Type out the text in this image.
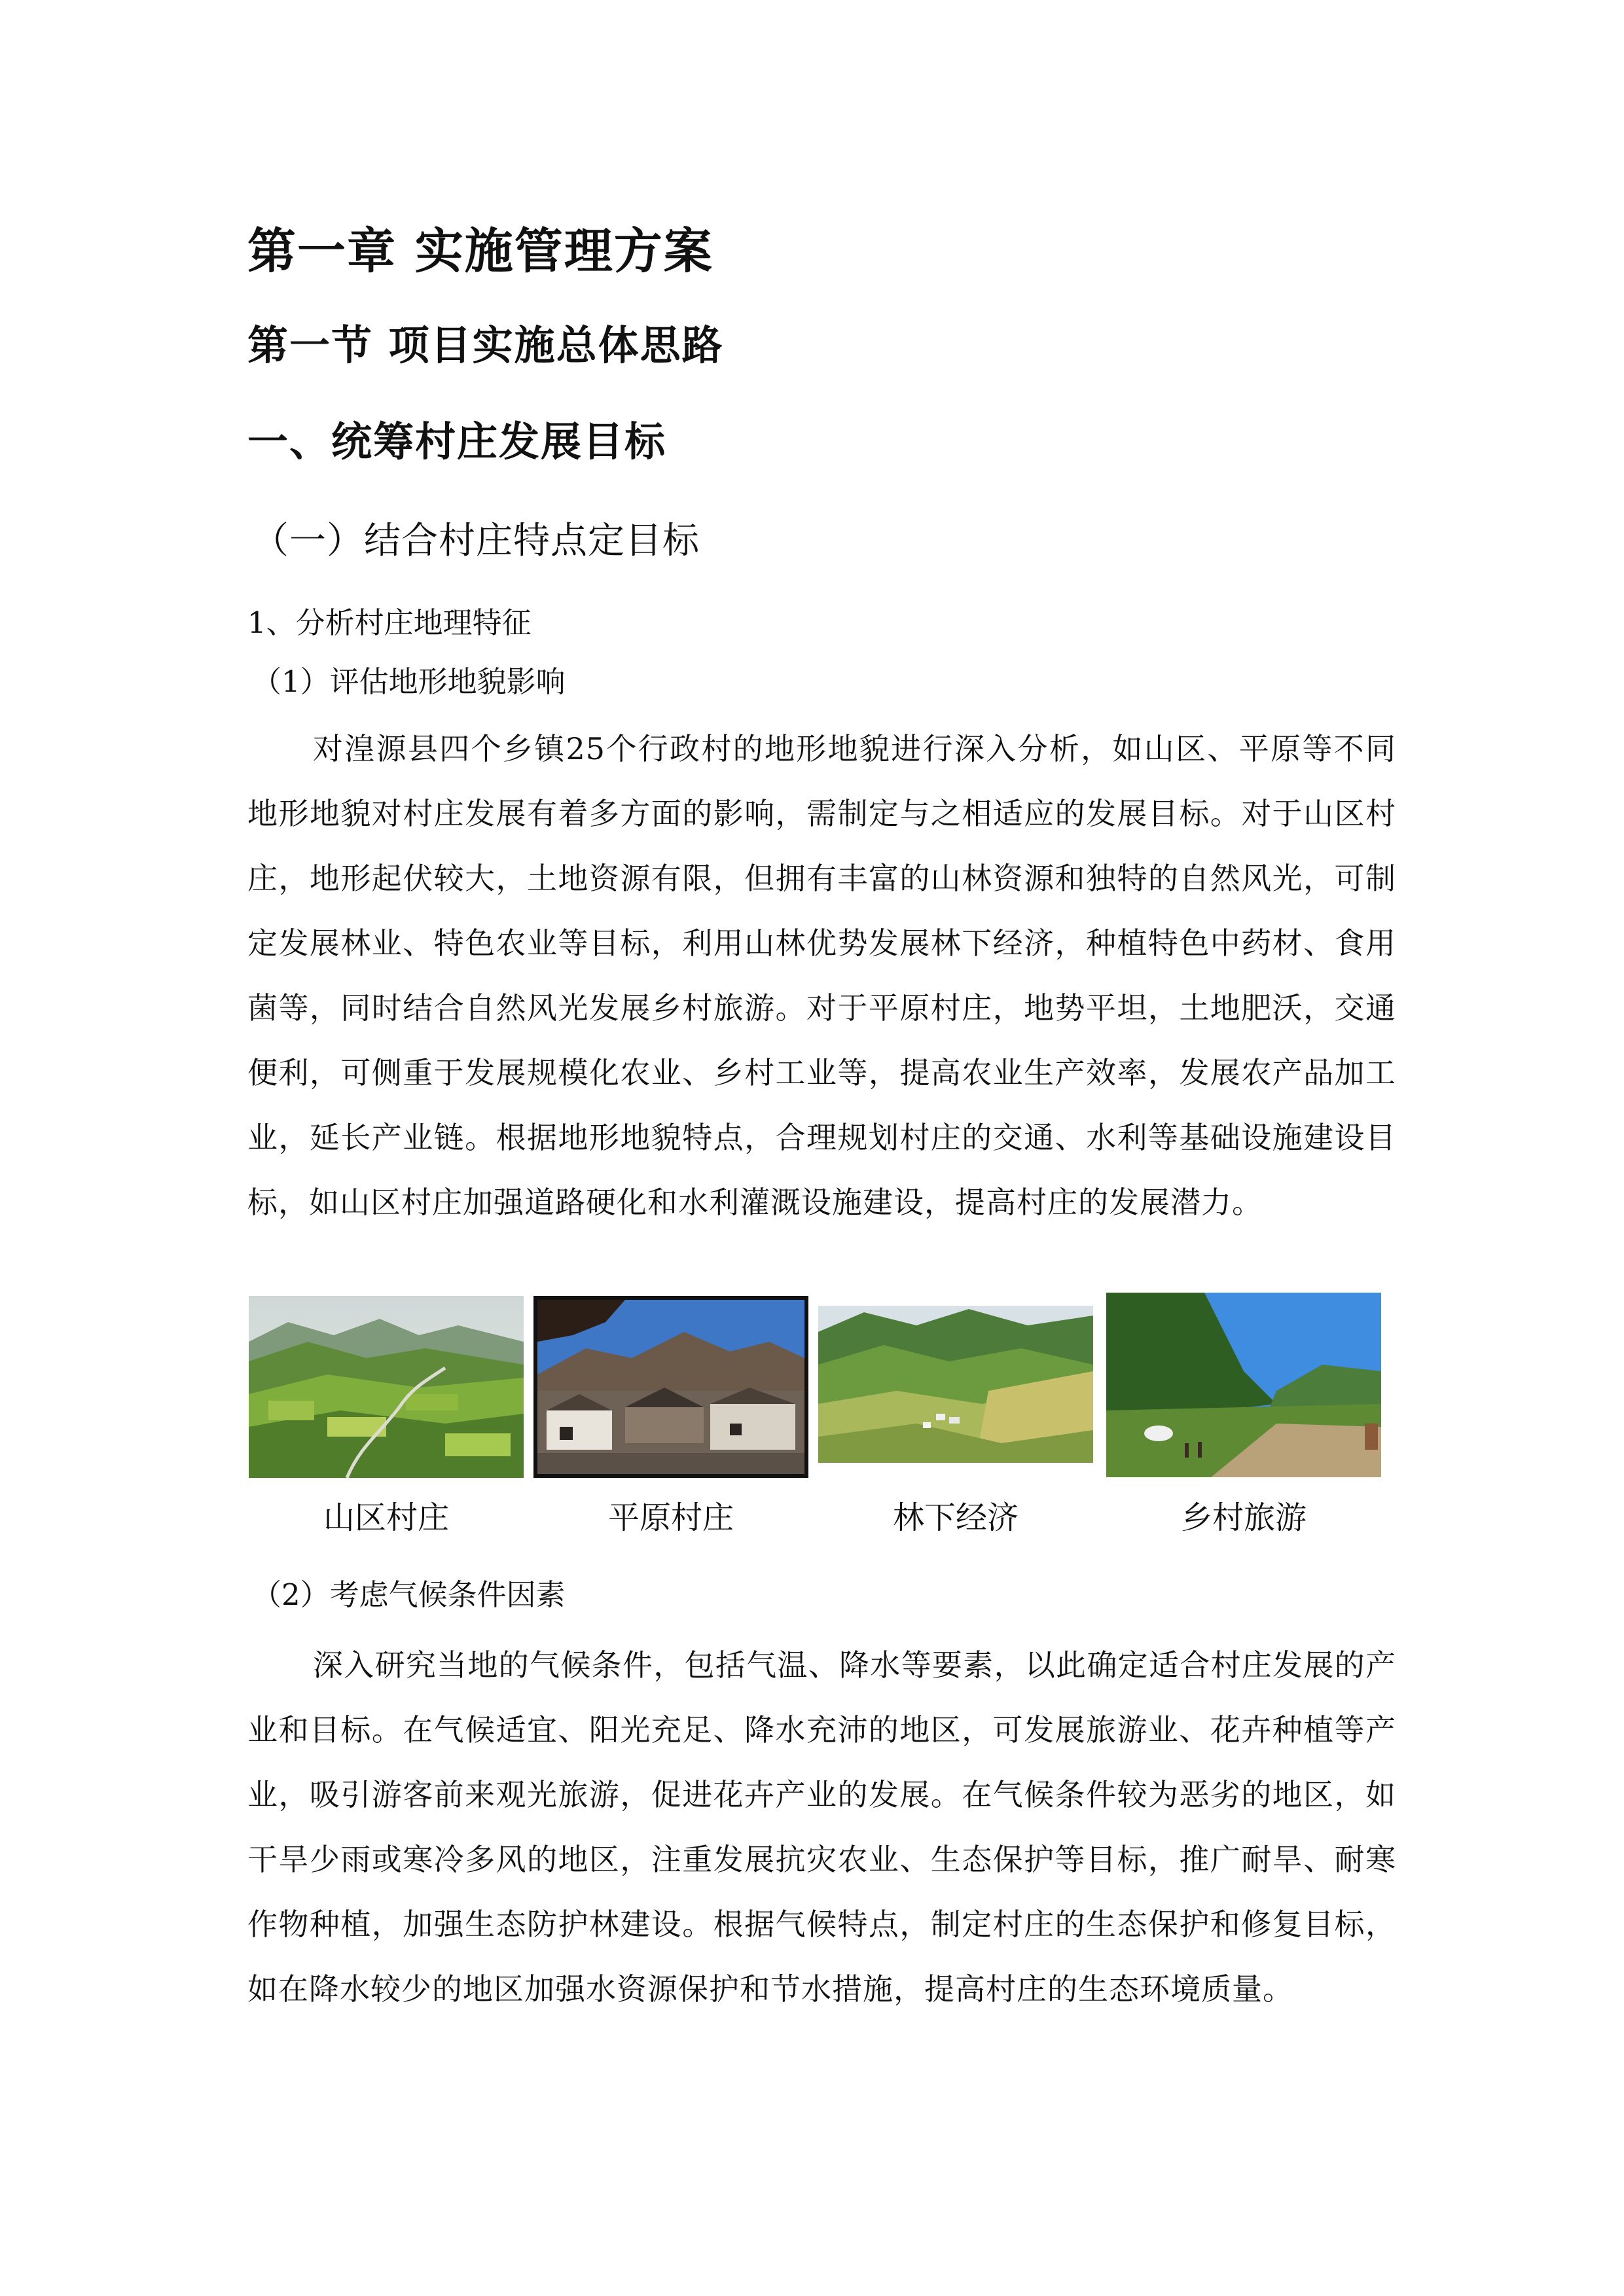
第一章 实施管理方案
第一节 项目实施总体思路
一、统筹村庄发展目标
（一）结合村庄特点定目标
1、分析村庄地理特征
（1）评估地形地貌影响
对湟源县四个乡镇25个行政村的地形地貌进行深入分析，如山区、平原等不同地形地貌对村庄发展有着多方面的影响，需制定与之相适应的发展目标。对于山区村庄，地形起伏较大，土地资源有限，但拥有丰富的山林资源和独特的自然风光，可制定发展林业、特色农业等目标，利用山林优势发展林下经济，种植特色中药材、食用菌等，同时结合自然风光发展乡村旅游。对于平原村庄，地势平坦，土地肥沃，交通便利，可侧重于发展规模化农业、乡村工业等，提高农业生产效率，发展农产品加工业，延长产业链。根据地形地貌特点，合理规划村庄的交通、水利等基础设施建设目标，如山区村庄加强道路硬化和水利灌溉设施建设，提高村庄的发展潜力。
山区村庄	平原村庄	林下经济	乡村旅游
（2）考虑气候条件因素
深入研究当地的气候条件，包括气温、降水等要素，以此确定适合村庄发展的产业和目标。在气候适宜、阳光充足、降水充沛的地区，可发展旅游业、花卉种植等产业，吸引游客前来观光旅游，促进花卉产业的发展。在气候条件较为恶劣的地区，如干旱少雨或寒冷多风的地区，注重发展抗灾农业、生态保护等目标，推广耐旱、耐寒作物种植，加强生态防护林建设。根据气候特点，制定村庄的生态保护和修复目标，如在降水较少的地区加强水资源保护和节水措施，提高村庄的生态环境质量。
